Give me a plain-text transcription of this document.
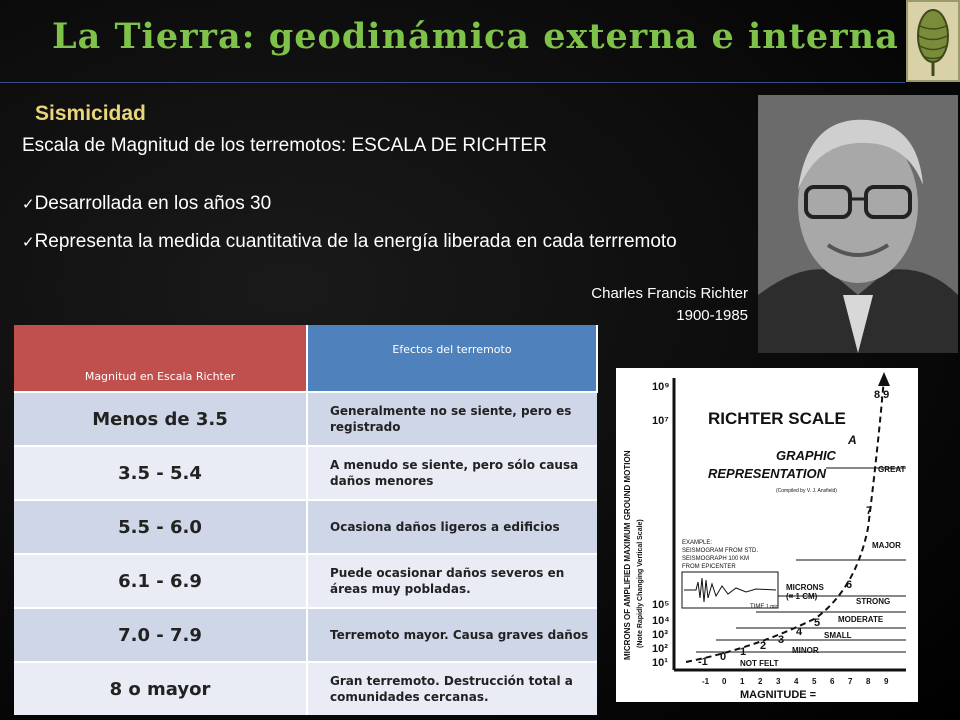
La Tierra: geodinámica externa e interna
Sismicidad
Escala de Magnitud de los terremotos: ESCALA DE RICHTER
✓Desarrollada en los años 30
✓Representa la medida cuantitativa de la energía liberada en cada terrremoto
Charles Francis Richter
1900-1985
Magnitud en Escala Richter	Efectos del terremoto
Menos de 3.5	Generalmente no se siente, pero es registrado
3.5 - 5.4	A menudo se siente, pero sólo causa daños menores
5.5 - 6.0	Ocasiona daños ligeros a edificios
6.1 - 6.9	Puede ocasionar daños severos en áreas muy pobladas.
7.0 - 7.9	Terremoto mayor. Causa graves daños
8 o mayor	Gran terremoto. Destrucción total a comunidades cercanas.
MICRONS OF AMPLIFIED MAXIMUM GROUND MOTION (Note Rapidly Changing Vertical Scale)
10⁹
10⁷
10⁵
10⁴
10³
10²
10¹
GREAT
MAJOR
STRONG
MODERATE
SMALL
MINOR
NOT FELT
-1 0 1 2 3
4
5
6
7
8.9
RICHTER SCALE
A
GRAPHIC
REPRESENTATION
(Compiled by V. J. Ansfield)
EXAMPLE:
SEISMOGRAM FROM STD.
SEISMOGRAPH 100 KM
FROM EPICENTER
MICRONS
(= 1 CM)
TIME 1 min
-1 0 1 2 3 4 5 6 7 8 9
MAGNITUDE =
